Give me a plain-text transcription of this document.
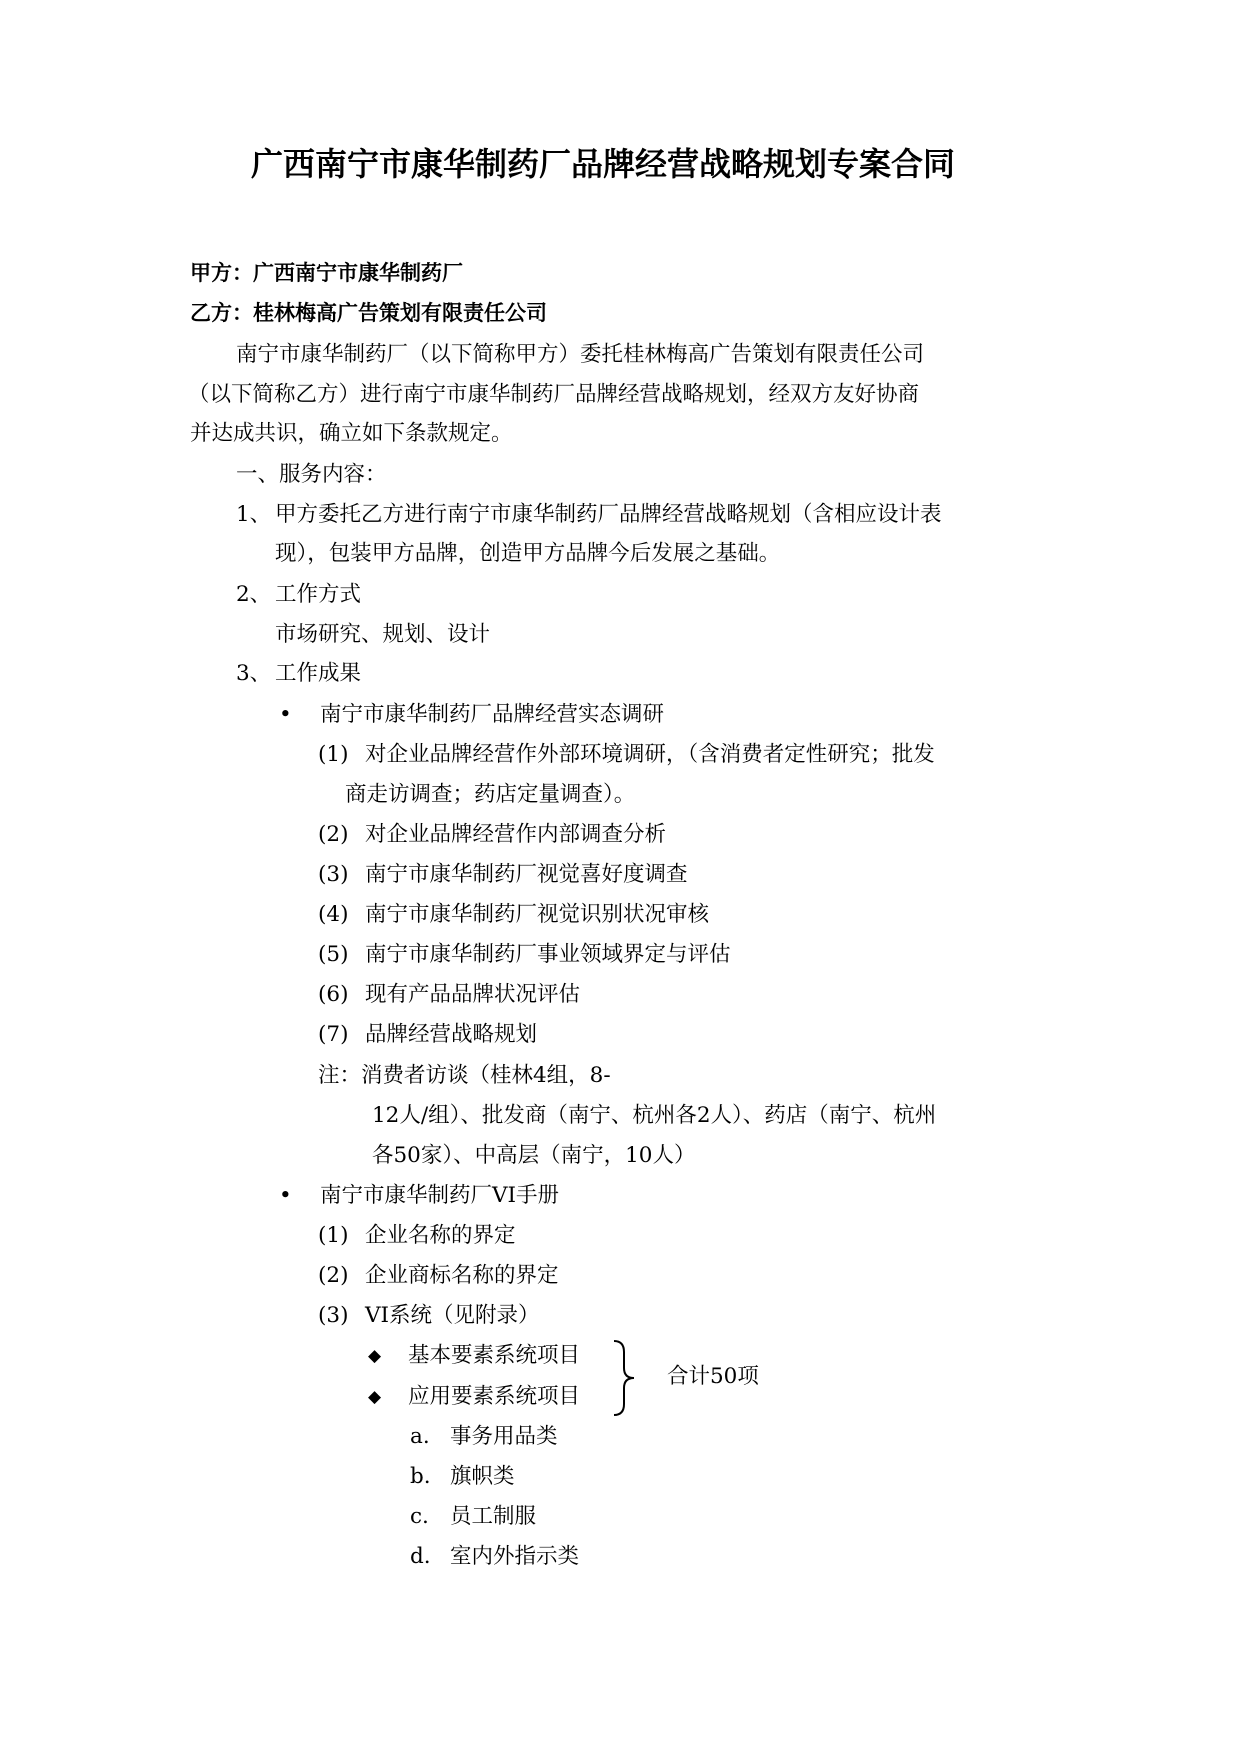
广西南宁市康华制药厂品牌经营战略规划专案合同
甲方：广西南宁市康华制药厂
乙方：桂林梅高广告策划有限责任公司
南宁市康华制药厂（以下简称甲方）委托桂林梅高广告策划有限责任公司
（以下简称乙方）进行南宁市康华制药厂品牌经营战略规划，经双方友好协商
并达成共识，确立如下条款规定。
一、服务内容：
1、 甲方委托乙方进行南宁市康华制药厂品牌经营战略规划（含相应设计表
现），包装甲方品牌，创造甲方品牌今后发展之基础。
2、 工作方式
市场研究、规划、设计
3、 工作成果
• 南宁市康华制药厂品牌经营实态调研
(1) 对企业品牌经营作外部环境调研，（含消费者定性研究；批发
商走访调查；药店定量调查）。
(2) 对企业品牌经营作内部调查分析
(3) 南宁市康华制药厂视觉喜好度调查
(4) 南宁市康华制药厂视觉识别状况审核
(5) 南宁市康华制药厂事业领域界定与评估
(6) 现有产品品牌状况评估
(7) 品牌经营战略规划
注：消费者访谈（桂林4组，8-
12人/组）、批发商（南宁、杭州各2人）、药店（南宁、杭州
各50家）、中高层（南宁，10人）
• 南宁市康华制药厂VI手册
(1) 企业名称的界定
(2) 企业商标名称的界定
(3) VI系统（见附录）
◆ 基本要素系统项目
◆ 应用要素系统项目
合计50项
a. 事务用品类
b. 旗帜类
c. 员工制服
d. 室内外指示类
